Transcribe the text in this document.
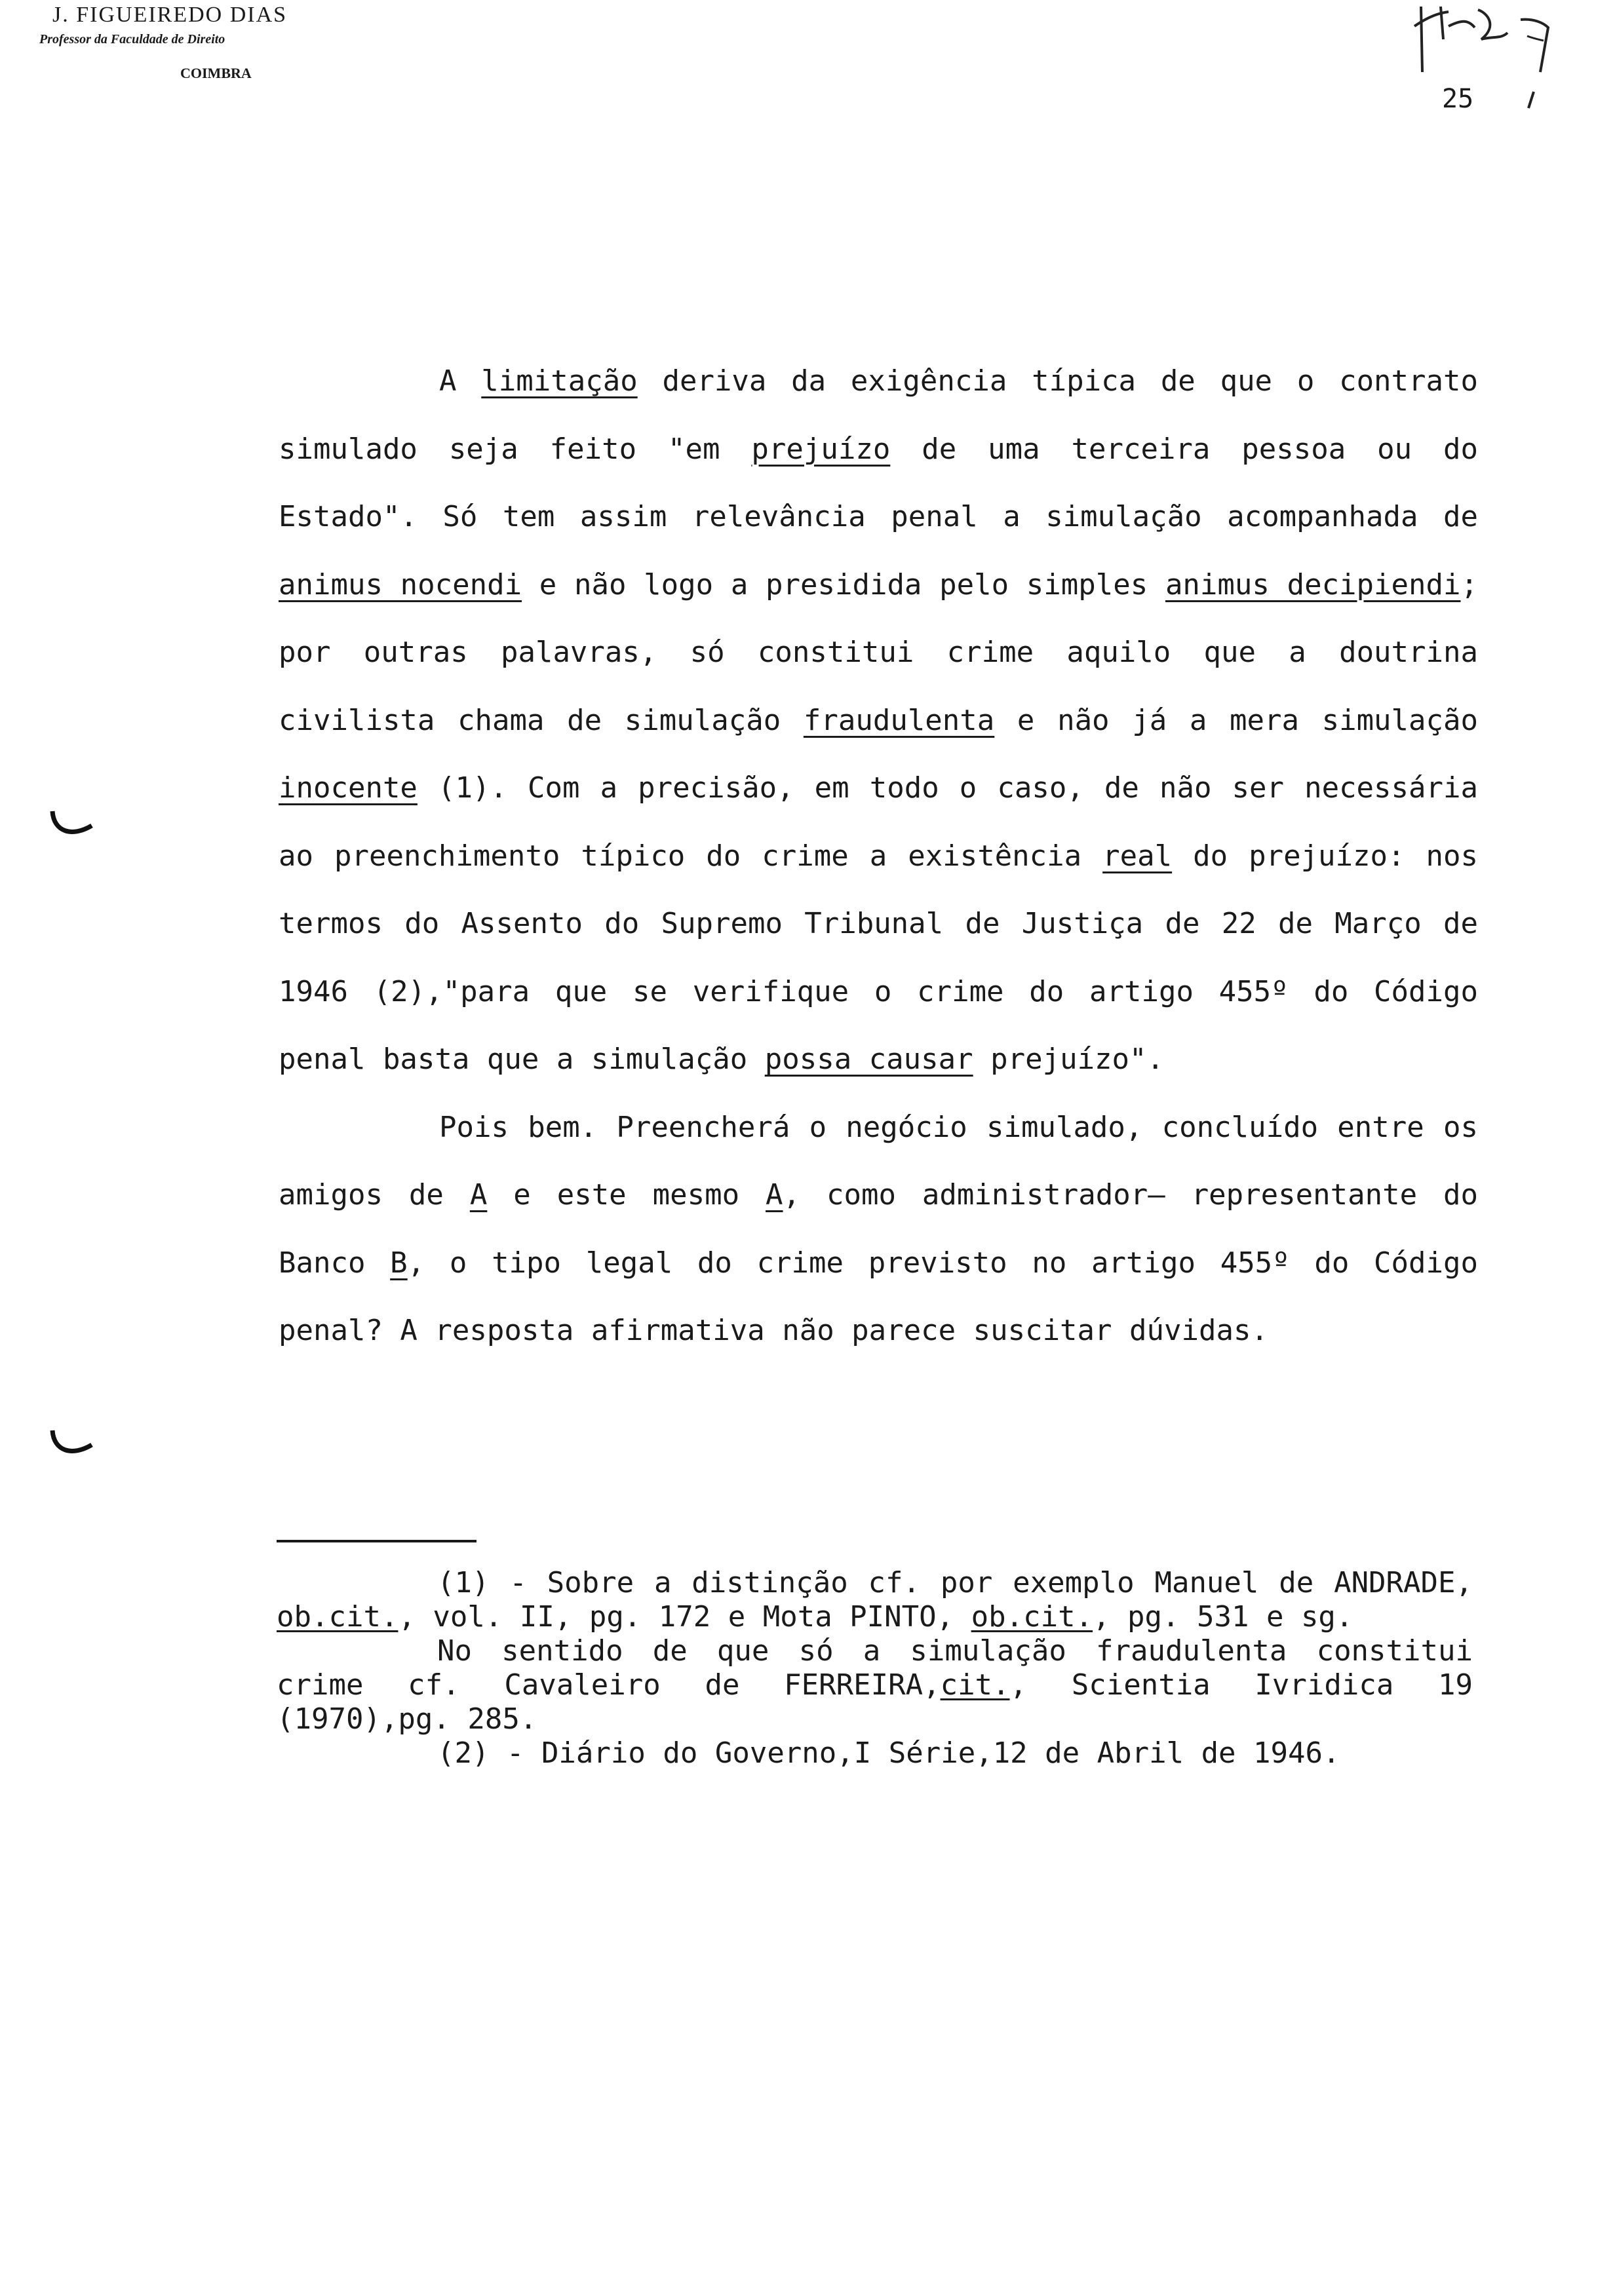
J. FIGUEIREDO DIAS
Professor da Faculdade de Direito
COIMBRA
25

A limitação deriva da exigência típica de que o contrato simulado seja feito "em prejuízo de uma terceira pessoa ou do Estado". Só tem assim relevância penal a simulação acompanhada de animus nocendi e não logo a presidida pelo simples animus decipiendi; por outras palavras, só constitui crime aquilo que a doutrina civilista chama de simulação fraudulenta e não já a mera simulação inocente (1). Com a precisão, em todo o caso, de não ser necessária ao preenchimento típico do crime a existência real do prejuízo: nos termos do Assento do Supremo Tribunal de Justiça de 22 de Março de 1946 (2),"para que se verifique o crime do artigo 455º do Código penal basta que a simulação possa causar prejuízo".

Pois bem. Preencherá o negócio simulado, concluído entre os amigos de A e este mesmo A, como administrador— representante do Banco B, o tipo legal do crime previsto no artigo 455º do Código penal? A resposta afirmativa não parece suscitar dúvidas.

(1) - Sobre a distinção cf. por exemplo Manuel de ANDRADE, ob.cit., vol. II, pg. 172 e Mota PINTO, ob.cit., pg. 531 e sg.

No sentido de que só a simulação fraudulenta constitui crime cf. Cavaleiro de FERREIRA,cit., Scientia Ivridica 19 (1970),pg. 285.

(2) - Diário do Governo,I Série,12 de Abril de 1946.
